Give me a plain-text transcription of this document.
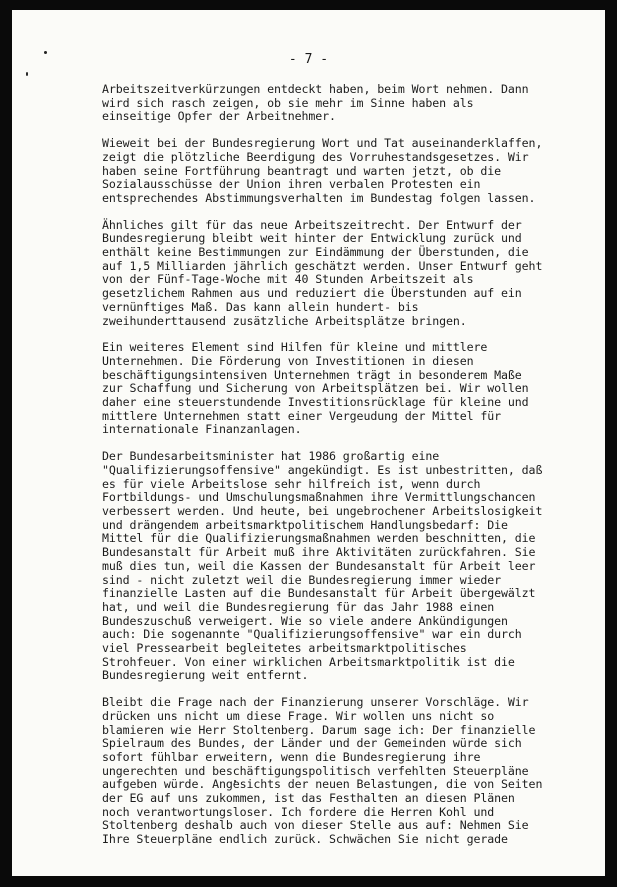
- 7 -
Arbeitszeitverkürzungen entdeckt haben, beim Wort nehmen. Dann
wird sich rasch zeigen, ob sie mehr im Sinne haben als
einseitige Opfer der Arbeitnehmer.
Wieweit bei der Bundesregierung Wort und Tat auseinanderklaffen,
zeigt die plötzliche Beerdigung des Vorruhestandsgesetzes. Wir
haben seine Fortführung beantragt und warten jetzt, ob die
Sozialausschüsse der Union ihren verbalen Protesten ein
entsprechendes Abstimmungsverhalten im Bundestag folgen lassen.
Ähnliches gilt für das neue Arbeitszeitrecht. Der Entwurf der
Bundesregierung bleibt weit hinter der Entwicklung zurück und
enthält keine Bestimmungen zur Eindämmung der Überstunden, die
auf 1,5 Milliarden jährlich geschätzt werden. Unser Entwurf geht
von der Fünf-Tage-Woche mit 40 Stunden Arbeitszeit als
gesetzlichem Rahmen aus und reduziert die Überstunden auf ein
vernünftiges Maß. Das kann allein hundert- bis
zweihunderttausend zusätzliche Arbeitsplätze bringen.
Ein weiteres Element sind Hilfen für kleine und mittlere
Unternehmen. Die Förderung von Investitionen in diesen
beschäftigungsintensiven Unternehmen trägt in besonderem Maße
zur Schaffung und Sicherung von Arbeitsplätzen bei. Wir wollen
daher eine steuerstundende Investitionsrücklage für kleine und
mittlere Unternehmen statt einer Vergeudung der Mittel für
internationale Finanzanlagen.
Der Bundesarbeitsminister hat 1986 großartig eine
"Qualifizierungsoffensive" angekündigt. Es ist unbestritten, daß
es für viele Arbeitslose sehr hilfreich ist, wenn durch
Fortbildungs- und Umschulungsmaßnahmen ihre Vermittlungschancen
verbessert werden. Und heute, bei ungebrochener Arbeitslosigkeit
und drängendem arbeitsmarktpolitischem Handlungsbedarf: Die
Mittel für die Qualifizierungsmaßnahmen werden beschnitten, die
Bundesanstalt für Arbeit muß ihre Aktivitäten zurückfahren. Sie
muß dies tun, weil die Kassen der Bundesanstalt für Arbeit leer
sind - nicht zuletzt weil die Bundesregierung immer wieder
finanzielle Lasten auf die Bundesanstalt für Arbeit übergewälzt
hat, und weil die Bundesregierung für das Jahr 1988 einen
Bundeszuschuß verweigert. Wie so viele andere Ankündigungen
auch: Die sogenannte "Qualifizierungsoffensive" war ein durch
viel Pressearbeit begleitetes arbeitsmarktpolitisches
Strohfeuer. Von einer wirklichen Arbeitsmarktpolitik ist die
Bundesregierung weit entfernt.
Bleibt die Frage nach der Finanzierung unserer Vorschläge. Wir
drücken uns nicht um diese Frage. Wir wollen uns nicht so
blamieren wie Herr Stoltenberg. Darum sage ich: Der finanzielle
Spielraum des Bundes, der Länder und der Gemeinden würde sich
sofort fühlbar erweitern, wenn die Bundesregierung ihre
ungerechten und beschäftigungspolitisch verfehlten Steuerpläne
aufgeben würde. Angesichts der neuen Belastungen, die von Seiten
der EG auf uns zukommen, ist das Festhalten an diesen Plänen
noch verantwortungsloser. Ich fordere die Herren Kohl und
Stoltenberg deshalb auch von dieser Stelle aus auf: Nehmen Sie
Ihre Steuerpläne endlich zurück. Schwächen Sie nicht gerade
